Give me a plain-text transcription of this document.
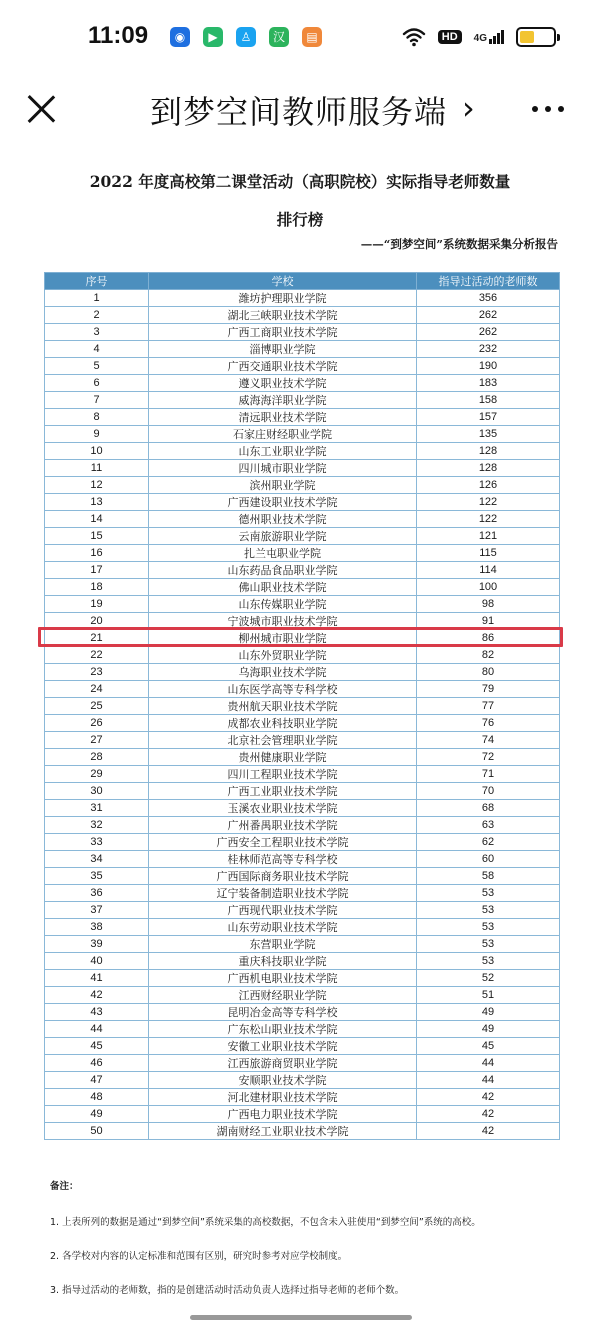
11:09	◉	▶	♙	汉	▤	HD	4G
到梦空间教师服务端 ›
2022 年度高校第二课堂活动（高职院校）实际指导老师数量
排行榜
——“到梦空间”系统数据采集分析报告
序号	学校	指导过活动的老师数
1	潍坊护理职业学院	356
2	湖北三峡职业技术学院	262
3	广西工商职业技术学院	262
4	淄博职业学院	232
5	广西交通职业技术学院	190
6	遵义职业技术学院	183
7	威海海洋职业学院	158
8	清远职业技术学院	157
9	石家庄财经职业学院	135
10	山东工业职业学院	128
11	四川城市职业学院	128
12	滨州职业学院	126
13	广西建设职业技术学院	122
14	德州职业技术学院	122
15	云南旅游职业学院	121
16	扎兰屯职业学院	115
17	山东药品食品职业学院	114
18	佛山职业技术学院	100
19	山东传媒职业学院	98
20	宁波城市职业技术学院	91
21	柳州城市职业学院	86
22	山东外贸职业学院	82
23	乌海职业技术学院	80
24	山东医学高等专科学校	79
25	贵州航天职业技术学院	77
26	成都农业科技职业学院	76
27	北京社会管理职业学院	74
28	贵州健康职业学院	72
29	四川工程职业技术学院	71
30	广西工业职业技术学院	70
31	玉溪农业职业技术学院	68
32	广州番禺职业技术学院	63
33	广西安全工程职业技术学院	62
34	桂林师范高等专科学校	60
35	广西国际商务职业技术学院	58
36	辽宁装备制造职业技术学院	53
37	广西现代职业技术学院	53
38	山东劳动职业技术学院	53
39	东营职业学院	53
40	重庆科技职业学院	53
41	广西机电职业技术学院	52
42	江西财经职业学院	51
43	昆明冶金高等专科学校	49
44	广东松山职业技术学院	49
45	安徽工业职业技术学院	45
46	江西旅游商贸职业学院	44
47	安顺职业技术学院	44
48	河北建材职业技术学院	42
49	广西电力职业技术学院	42
50	湖南财经工业职业技术学院	42
备注：
1. 上表所列的数据是通过“到梦空间”系统采集的高校数据，不包含未入驻使用“到梦空间”系统的高校。
2. 各学校对内容的认定标准和范围有区别，研究时参考对应学校制度。
3. 指导过活动的老师数，指的是创建活动时活动负责人选择过指导老师的老师个数。
